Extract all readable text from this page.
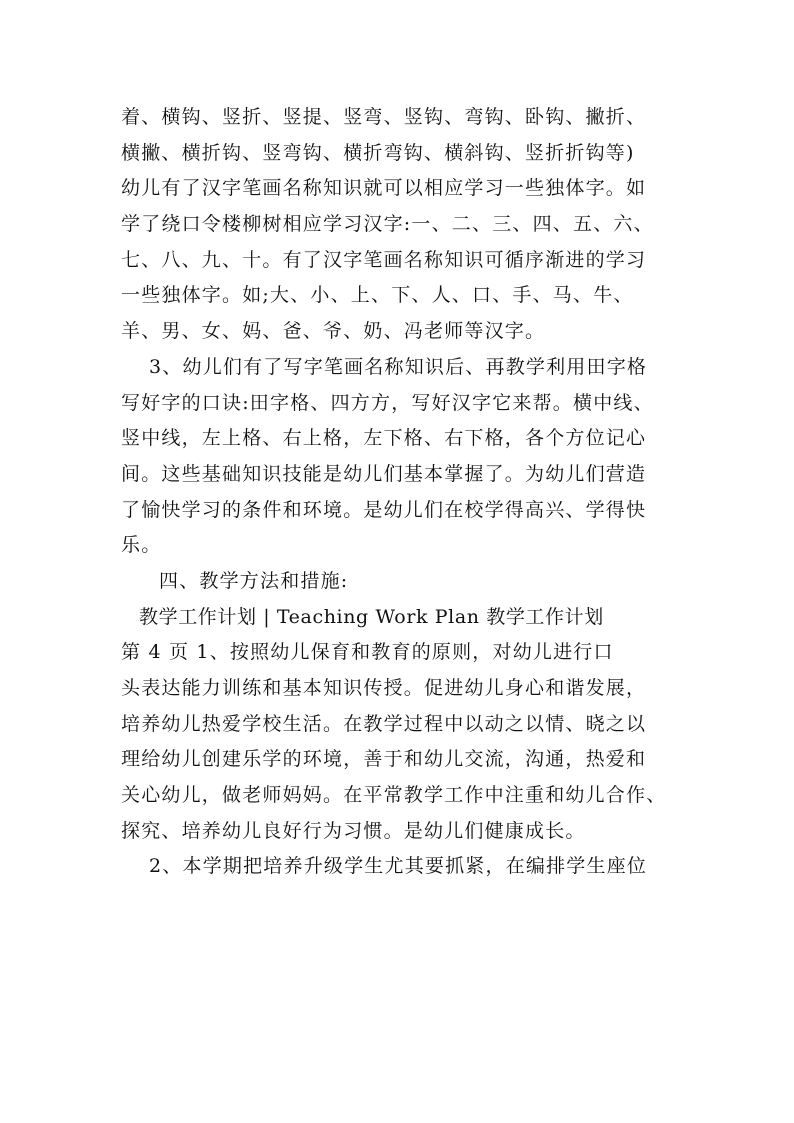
着、横钩、竖折、竖提、竖弯、竖钩、弯钩、卧钩、撇折、
横撇、横折钩、竖弯钩、横折弯钩、横斜钩、竖折折钩等)
幼儿有了汉字笔画名称知识就可以相应学习一些独体字。如
学了绕口令楼柳树相应学习汉字:一、二、三、四、五、六、
七、八、九、十。有了汉字笔画名称知识可循序渐进的学习
一些独体字。如;大、小、上、下、人、口、手、马、牛、
羊、男、女、妈、爸、爷、奶、冯老师等汉字。
3、幼儿们有了写字笔画名称知识后、再教学利用田字格
写好字的口诀:田字格、四方方，写好汉字它来帮。横中线、
竖中线，左上格、右上格，左下格、右下格，各个方位记心
间。这些基础知识技能是幼儿们基本掌握了。为幼儿们营造
了愉快学习的条件和环境。是幼儿们在校学得高兴、学得快
乐。
四、教学方法和措施:
教学工作计划 | Teaching Work Plan 教学工作计划
第 4 页 1、按照幼儿保育和教育的原则，对幼儿进行口
头表达能力训练和基本知识传授。促进幼儿身心和谐发展，
培养幼儿热爱学校生活。在教学过程中以动之以情、晓之以
理给幼儿创建乐学的环境，善于和幼儿交流，沟通，热爱和
关心幼儿，做老师妈妈。在平常教学工作中注重和幼儿合作、
探究、培养幼儿良好行为习惯。是幼儿们健康成长。
2、本学期把培养升级学生尤其要抓紧，在编排学生座位
